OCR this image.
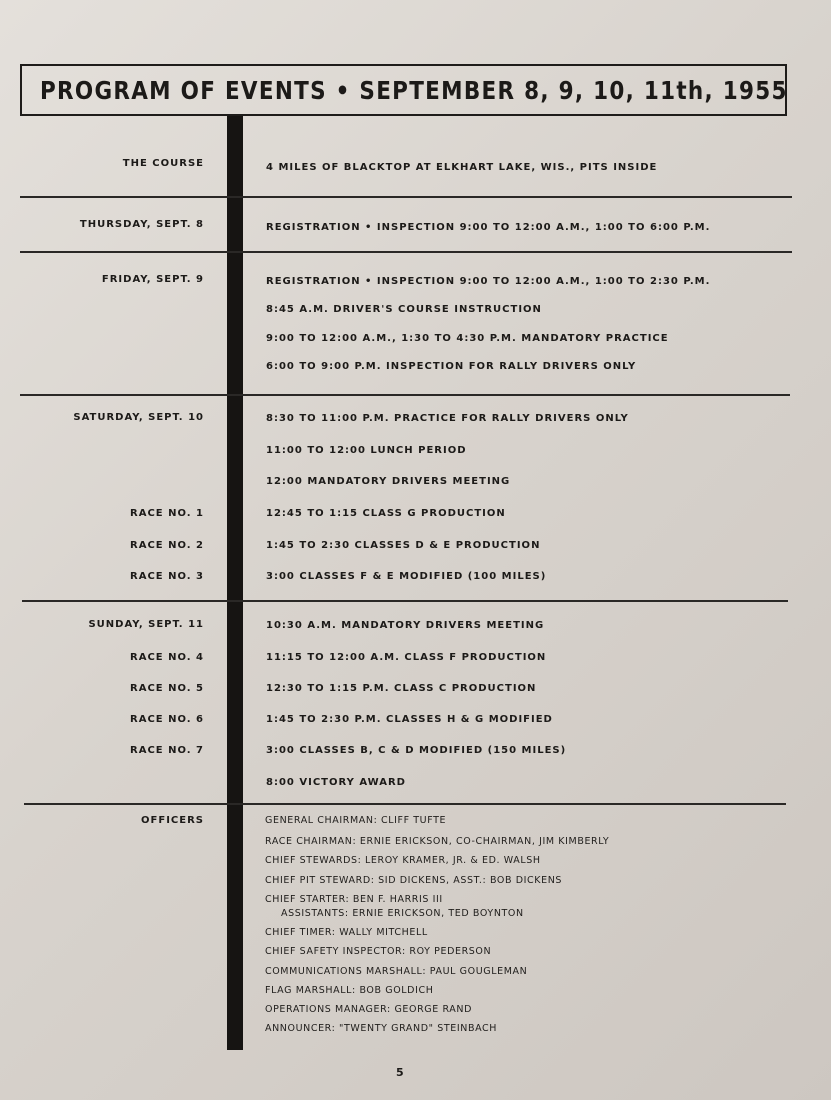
PROGRAM OF EVENTS • SEPTEMBER 8, 9, 10, 11th, 1955
THE COURSE	4 MILES OF BLACKTOP AT ELKHART LAKE, WIS., PITS INSIDE
THURSDAY, SEPT. 8	REGISTRATION • INSPECTION 9:00 TO 12:00 A.M., 1:00 TO 6:00 P.M.
FRIDAY, SEPT. 9	REGISTRATION • INSPECTION 9:00 TO 12:00 A.M., 1:00 TO 2:30 P.M.
8:45 A.M. DRIVER'S COURSE INSTRUCTION
9:00 TO 12:00 A.M., 1:30 TO 4:30 P.M. MANDATORY PRACTICE
6:00 TO 9:00 P.M. INSPECTION FOR RALLY DRIVERS ONLY
SATURDAY, SEPT. 10	8:30 TO 11:00 P.M. PRACTICE FOR RALLY DRIVERS ONLY
11:00 TO 12:00 LUNCH PERIOD
12:00 MANDATORY DRIVERS MEETING
RACE NO. 1	12:45 TO 1:15 CLASS G PRODUCTION
RACE NO. 2	1:45 TO 2:30 CLASSES D & E PRODUCTION
RACE NO. 3	3:00 CLASSES F & E MODIFIED (100 MILES)
SUNDAY, SEPT. 11	10:30 A.M. MANDATORY DRIVERS MEETING
RACE NO. 4	11:15 TO 12:00 A.M. CLASS F PRODUCTION
RACE NO. 5	12:30 TO 1:15 P.M. CLASS C PRODUCTION
RACE NO. 6	1:45 TO 2:30 P.M. CLASSES H & G MODIFIED
RACE NO. 7	3:00 CLASSES B, C & D MODIFIED (150 MILES)
8:00 VICTORY AWARD
OFFICERS	GENERAL CHAIRMAN: CLIFF TUFTE
RACE CHAIRMAN: ERNIE ERICKSON, CO-CHAIRMAN, JIM KIMBERLY
CHIEF STEWARDS: LEROY KRAMER, JR. & ED. WALSH
CHIEF PIT STEWARD: SID DICKENS, ASST.: BOB DICKENS
CHIEF STARTER: BEN F. HARRIS III
ASSISTANTS: ERNIE ERICKSON, TED BOYNTON
CHIEF TIMER: WALLY MITCHELL
CHIEF SAFETY INSPECTOR: ROY PEDERSON
COMMUNICATIONS MARSHALL: PAUL GOUGLEMAN
FLAG MARSHALL: BOB GOLDICH
OPERATIONS MANAGER: GEORGE RAND
ANNOUNCER: "TWENTY GRAND" STEINBACH
5
